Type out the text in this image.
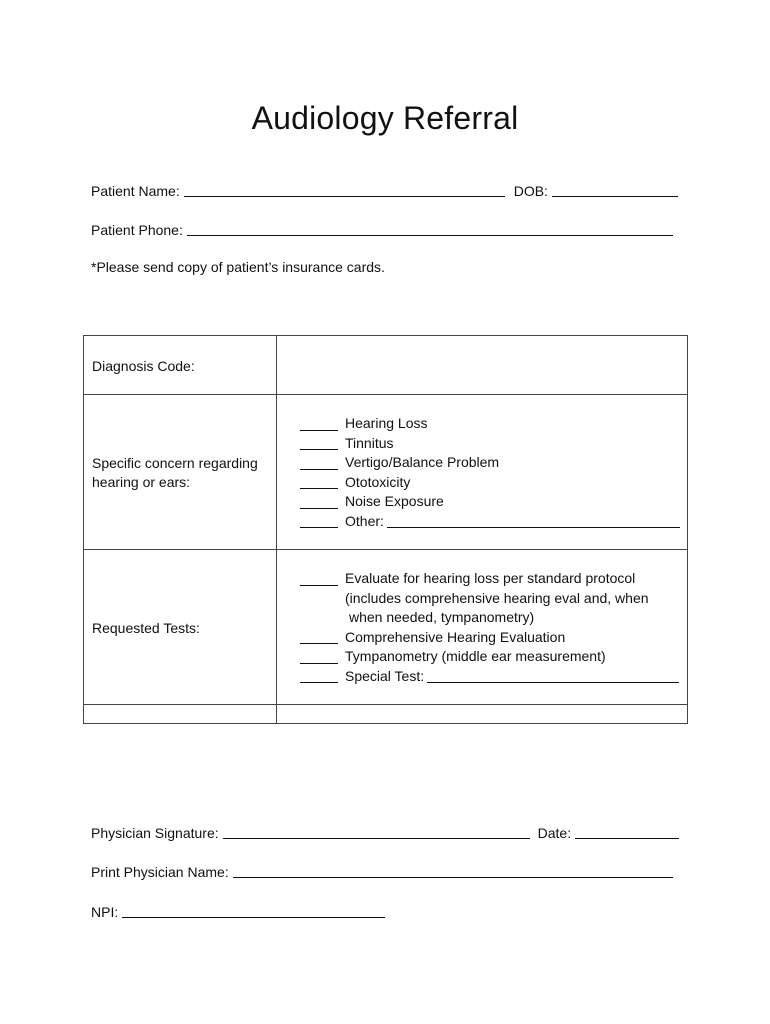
Audiology Referral
Patient Name:	DOB:
Patient Phone:
*Please send copy of patient’s insurance cards.
Diagnosis Code:
Specific concern regarding
hearing or ears:
Hearing Loss
Tinnitus
Vertigo/Balance Problem
Ototoxicity
Noise Exposure
Other:
Requested Tests:
Evaluate for hearing loss per standard protocol
(includes comprehensive hearing eval and, when
when needed, tympanometry)
Comprehensive Hearing Evaluation
Tympanometry (middle ear measurement)
Special Test:
Physician Signature:	Date:
Print Physician Name:
NPI:
